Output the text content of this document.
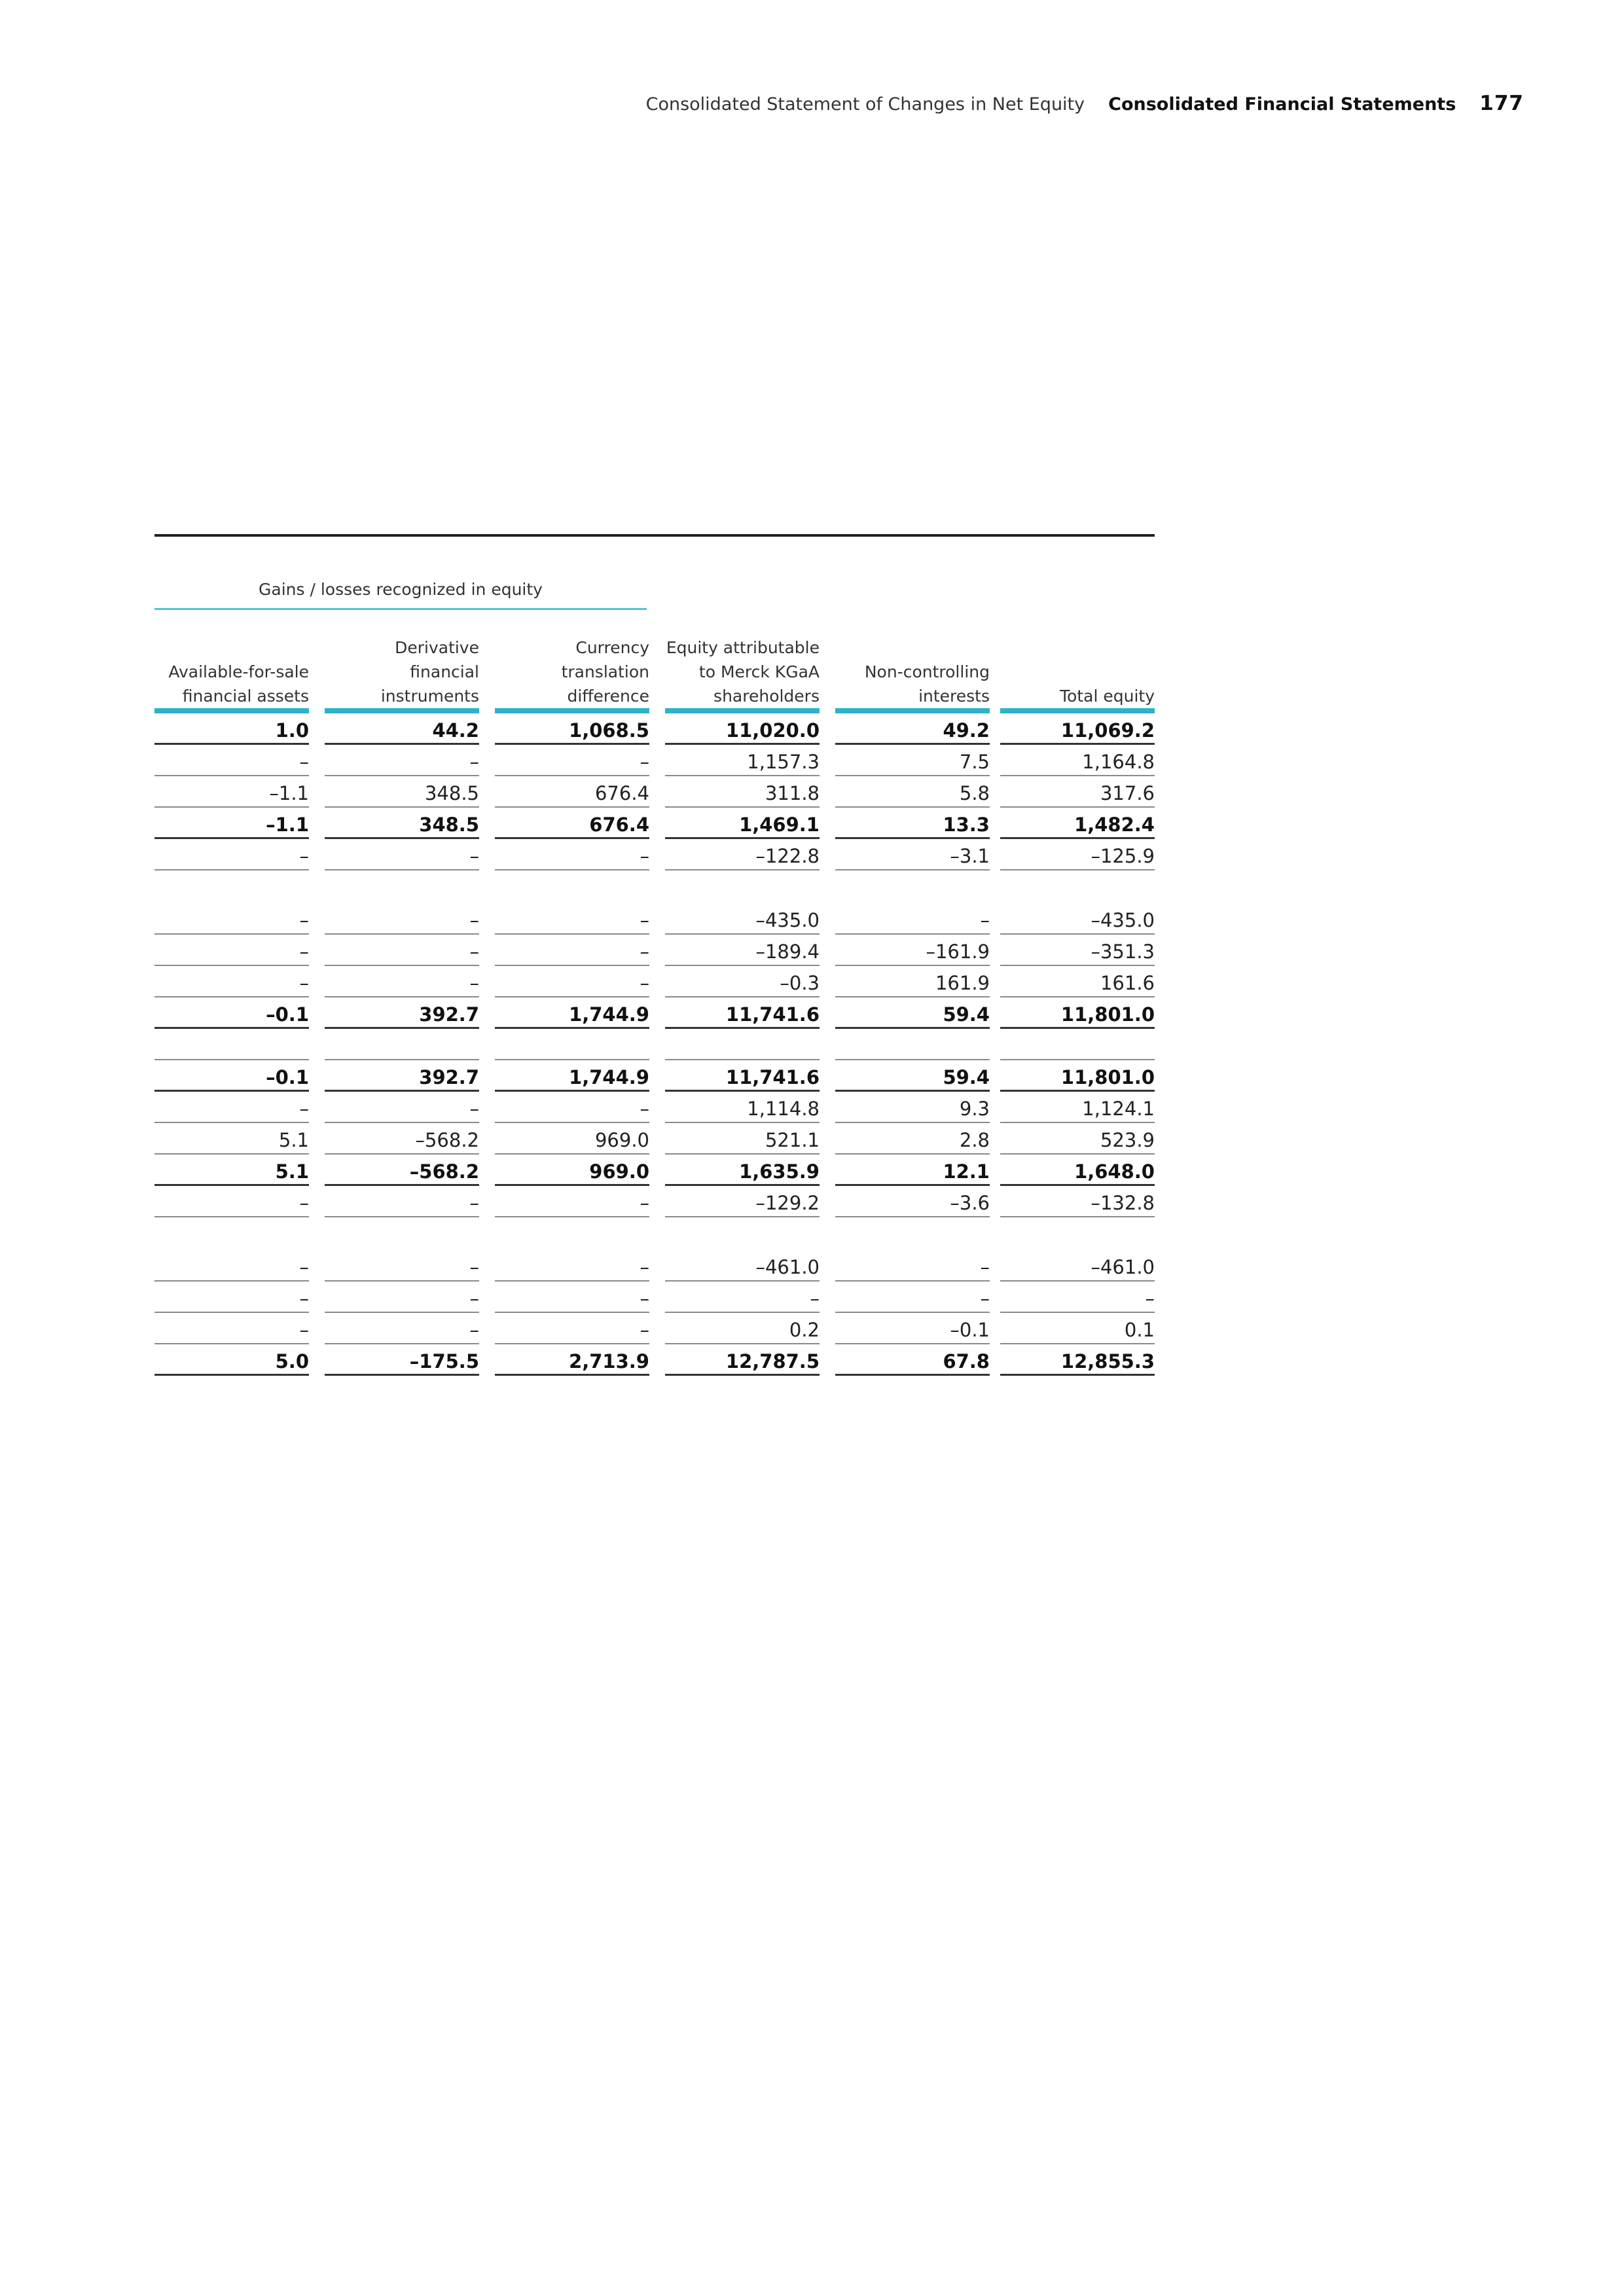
Consolidated Statement of Changes in Net Equity Consolidated Financial Statements 177
Gains / losses recognized in equity
Available-for-sale
financial assets
1.0
–
–1.1
–1.1
–
–
–
–
–0.1
–0.1
–
5.1
5.1
–
–
–
–
5.0
Derivative
financial
instruments
44.2
–
348.5
348.5
–
–
–
–
392.7
392.7
–
–568.2
–568.2
–
–
–
–
–175.5
Currency
translation
difference
1,068.5
–
676.4
676.4
–
–
–
–
1,744.9
1,744.9
–
969.0
969.0
–
–
–
–
2,713.9
Equity attributable
to Merck KGaA
shareholders
11,020.0
1,157.3
311.8
1,469.1
–122.8
–435.0
–189.4
–0.3
11,741.6
11,741.6
1,114.8
521.1
1,635.9
–129.2
–461.0
–
0.2
12,787.5
Non-controlling
interests
49.2
7.5
5.8
13.3
–3.1
–
–161.9
161.9
59.4
59.4
9.3
2.8
12.1
–3.6
–
–
–0.1
67.8
Total equity
11,069.2
1,164.8
317.6
1,482.4
–125.9
–435.0
–351.3
161.6
11,801.0
11,801.0
1,124.1
523.9
1,648.0
–132.8
–461.0
–
0.1
12,855.3
